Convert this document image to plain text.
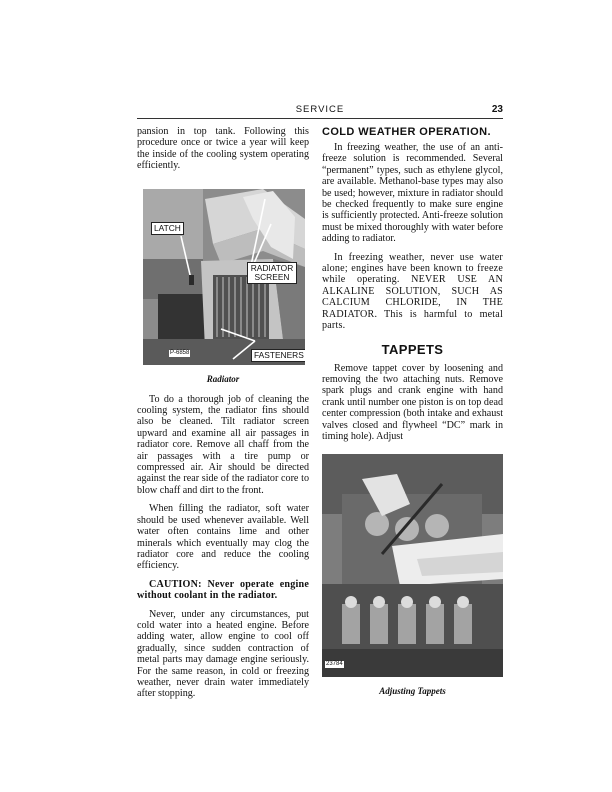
SERVICE	23

pansion in top tank. Following this procedure once or twice a year will keep the inside of the cooling system operating efficiently.

LATCH
RADIATOR
SCREEN
FASTENERS
P-6858
Radiator

To do a thorough job of cleaning the cooling system, the radiator fins should also be cleaned. Tilt radiator screen upward and examine all air passages in radiator core. Remove all chaff from the air passages with a tire pump or compressed air. Air should be directed against the rear side of the radiator core to blow chaff and dirt to the front.

When filling the radiator, soft water should be used whenever available. Well water often contains lime and other minerals which eventually may clog the radiator core and reduce the cooling efficiency.

CAUTION: Never operate engine without coolant in the radiator.

Never, under any circumstances, put cold water into a heated engine. Before adding water, allow engine to cool off gradually, since sudden contraction of metal parts may damage engine seriously. For the same reason, in cold or freezing weather, never drain water immediately after stopping.

COLD WEATHER OPERATION.

In freezing weather, the use of an anti-freeze solution is recommended. Several “permanent” types, such as ethylene glycol, are available. Methanol-base types may also be used; however, mixture in radiator should be checked frequently to make sure engine is sufficiently protected. Anti-freeze solution must be mixed thoroughly with water before adding to radiator.

In freezing weather, never use water alone; engines have been known to freeze while operating. NEVER USE AN ALKALINE SOLUTION, SUCH AS CALCIUM CHLORIDE, IN THE RADIATOR. This is harmful to metal parts.

TAPPETS

Remove tappet cover by loosening and removing the two attaching nuts. Remove spark plugs and crank engine with hand crank until number one piston is on top dead center compression (both intake and exhaust valves closed and flywheel “DC” mark in timing hole). Adjust

23784
Adjusting Tappets
